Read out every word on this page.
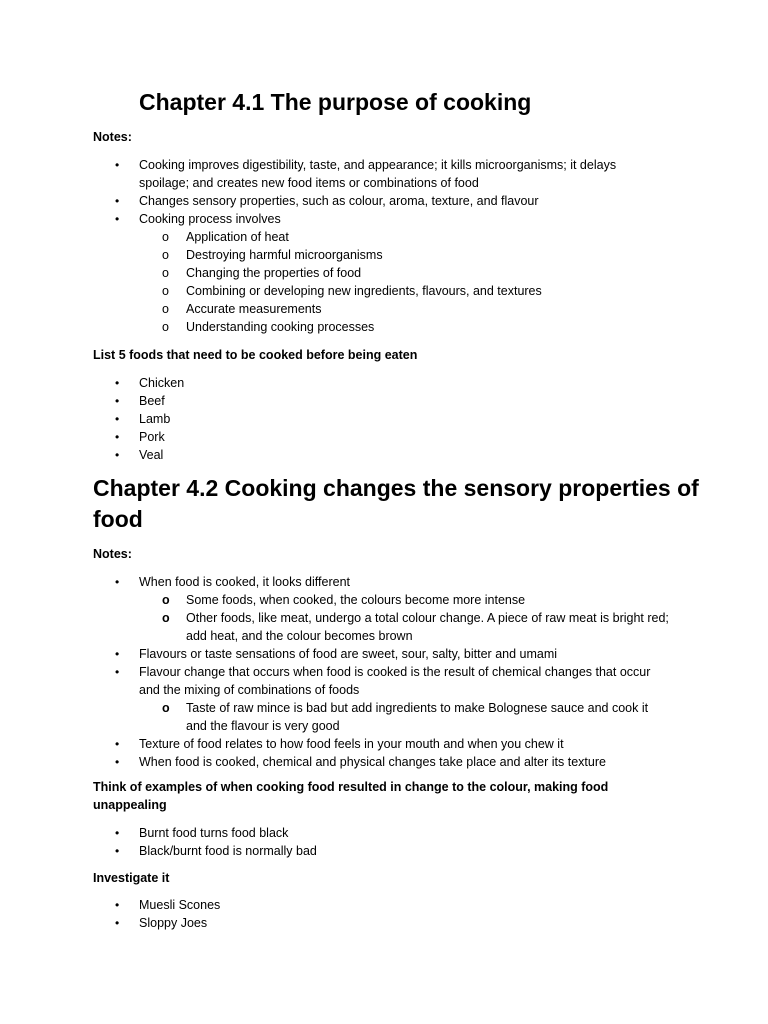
Chapter 4.1 The purpose of cooking

Notes:

• Cooking improves digestibility, taste, and appearance; it kills microorganisms; it delays spoilage; and creates new food items or combinations of food
• Changes sensory properties, such as colour, aroma, texture, and flavour
• Cooking process involves
o Application of heat
o Destroying harmful microorganisms
o Changing the properties of food
o Combining or developing new ingredients, flavours, and textures
o Accurate measurements
o Understanding cooking processes

List 5 foods that need to be cooked before being eaten

• Chicken
• Beef
• Lamb
• Pork
• Veal
Chapter 4.2 Cooking changes the sensory properties of food

Notes:

• When food is cooked, it looks different
o Some foods, when cooked, the colours become more intense
o Other foods, like meat, undergo a total colour change. A piece of raw meat is bright red; add heat, and the colour becomes brown
• Flavours or taste sensations of food are sweet, sour, salty, bitter and umami
• Flavour change that occurs when food is cooked is the result of chemical changes that occur and the mixing of combinations of foods
o Taste of raw mince is bad but add ingredients to make Bolognese sauce and cook it and the flavour is very good
• Texture of food relates to how food feels in your mouth and when you chew it
• When food is cooked, chemical and physical changes take place and alter its texture

Think of examples of when cooking food resulted in change to the colour, making food unappealing

• Burnt food turns food black
• Black/burnt food is normally bad

Investigate it

• Muesli Scones
• Sloppy Joes
